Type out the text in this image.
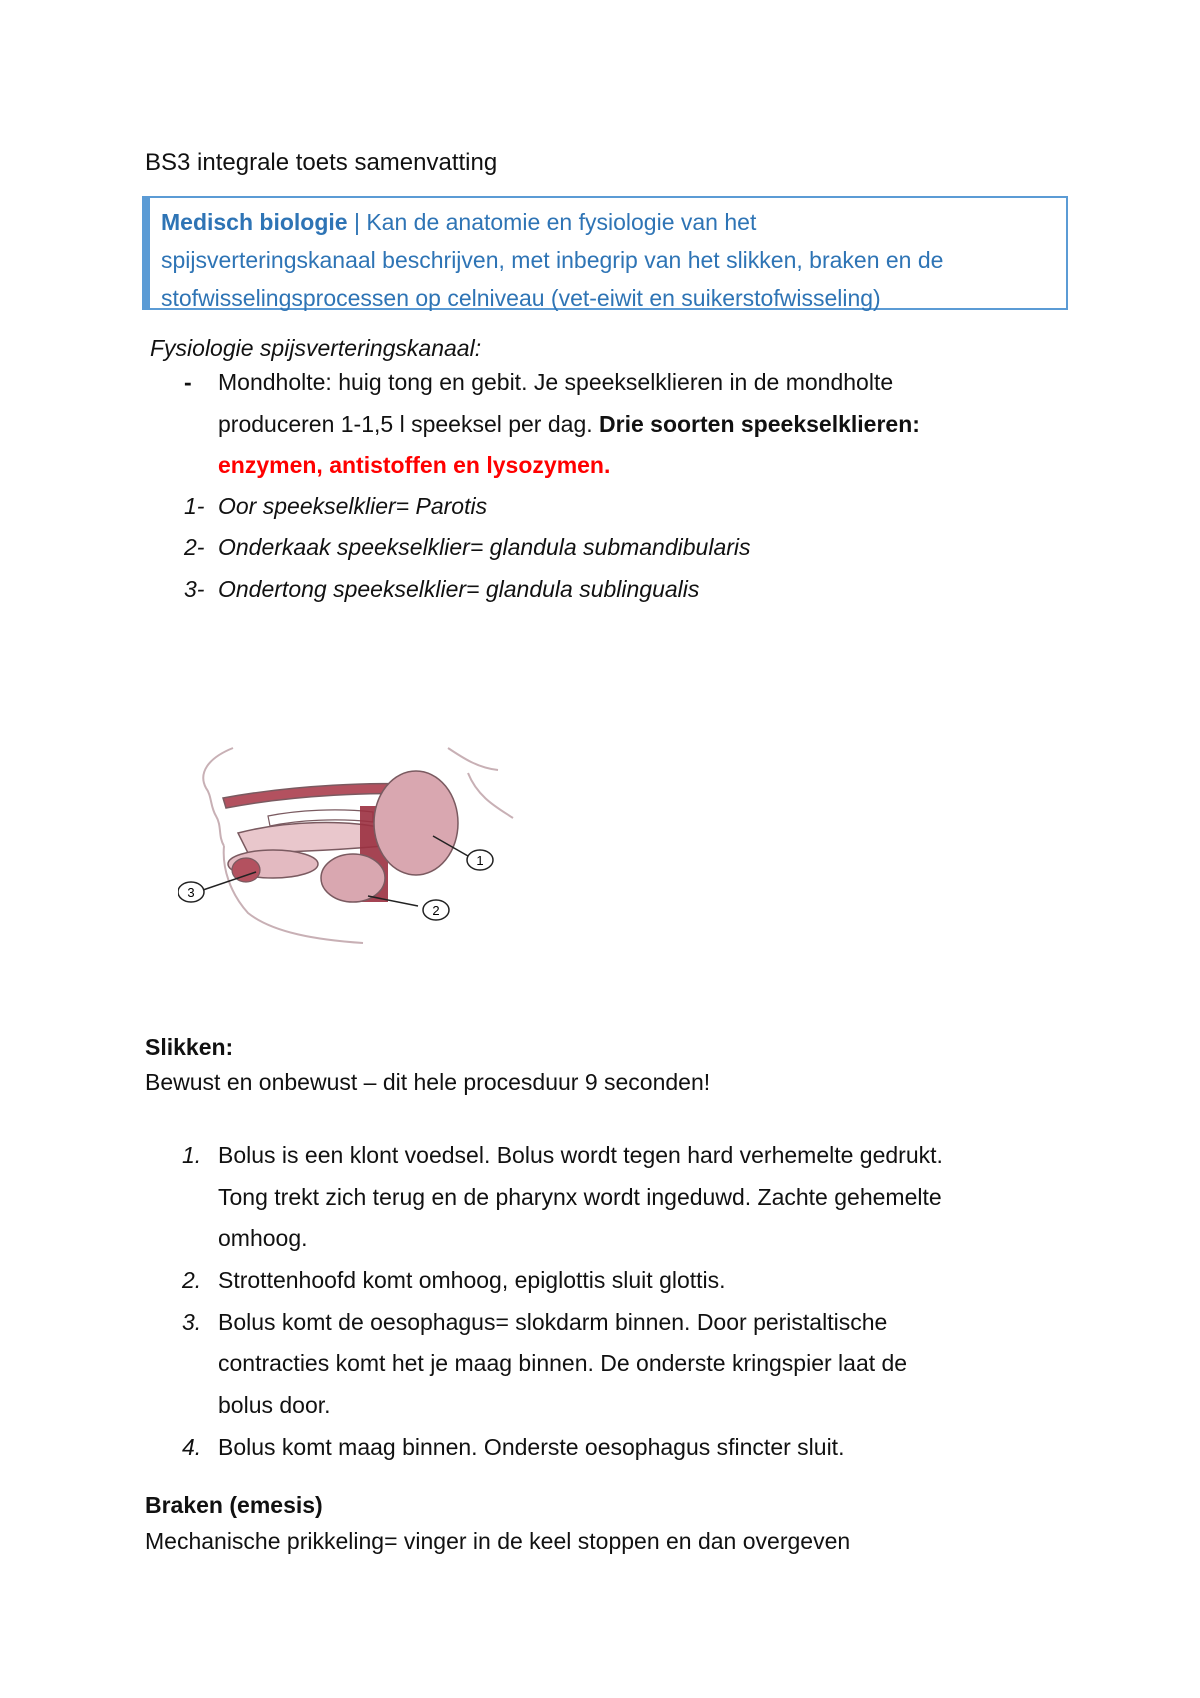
BS3 integrale toets samenvatting
Medisch biologie | Kan de anatomie en fysiologie van het
spijsverteringskanaal beschrijven, met inbegrip van het slikken, braken en de
stofwisselingsprocessen op celniveau (vet-eiwit en suikerstofwisseling)
Fysiologie spijsverteringskanaal:
- Mondholte: huig tong en gebit. Je speekselklieren in de mondholte
produceren 1-1,5 l speeksel per dag. Drie soorten speekselklieren:
enzymen, antistoffen en lysozymen.
1- Oor speekselklier= Parotis
2- Onderkaak speekselklier= glandula submandibularis
3- Ondertong speekselklier= glandula sublingualis
1
2
3
Slikken:
Bewust en onbewust – dit hele procesduur 9 seconden!
1. Bolus is een klont voedsel. Bolus wordt tegen hard verhemelte gedrukt.
Tong trekt zich terug en de pharynx wordt ingeduwd. Zachte gehemelte
omhoog.
2. Strottenhoofd komt omhoog, epiglottis sluit glottis.
3. Bolus komt de oesophagus= slokdarm binnen. Door peristaltische
contracties komt het je maag binnen. De onderste kringspier laat de
bolus door.
4. Bolus komt maag binnen. Onderste oesophagus sfincter sluit.
Braken (emesis)
Mechanische prikkeling= vinger in de keel stoppen en dan overgeven
